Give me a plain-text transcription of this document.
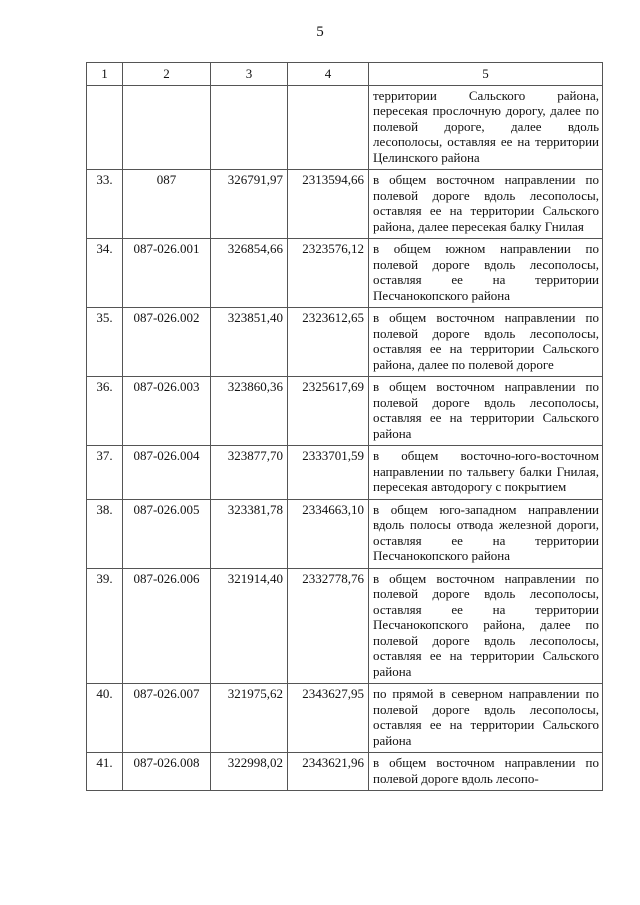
5
1	2	3	4	5
				территории Сальского района, пересекая прослочную дорогу, далее по полевой дороге, далее вдоль лесополосы, оставляя ее на территории Целинского района
33.	087	326791,97	2313594,66	в общем восточном направлении по полевой дороге вдоль лесополосы, оставляя ее на территории Сальского района, далее пересекая балку Гнилая
34.	087-026.001	326854,66	2323576,12	в общем южном направлении по полевой дороге вдоль лесополосы, оставляя ее на территории Песчанокопского района
35.	087-026.002	323851,40	2323612,65	в общем восточном направлении по полевой дороге вдоль лесополосы, оставляя ее на территории Сальского района, далее по полевой дороге
36.	087-026.003	323860,36	2325617,69	в общем восточном направлении по полевой дороге вдоль лесополосы, оставляя ее на территории Сальского района
37.	087-026.004	323877,70	2333701,59	в общем восточно-юго-восточном направлении по тальвегу балки Гнилая, пересекая автодорогу с покрытием
38.	087-026.005	323381,78	2334663,10	в общем юго-западном направлении вдоль полосы отвода железной дороги, оставляя ее на территории Песчанокопского района
39.	087-026.006	321914,40	2332778,76	в общем восточном направлении по полевой дороге вдоль лесополосы, оставляя ее на территории Песчанокопского района, далее по полевой дороге вдоль лесополосы, оставляя ее на территории Сальского района
40.	087-026.007	321975,62	2343627,95	по прямой в северном направлении по полевой дороге вдоль лесополосы, оставляя ее на территории Сальского района
41.	087-026.008	322998,02	2343621,96	в общем восточном направлении по полевой дороге вдоль лесопо-
